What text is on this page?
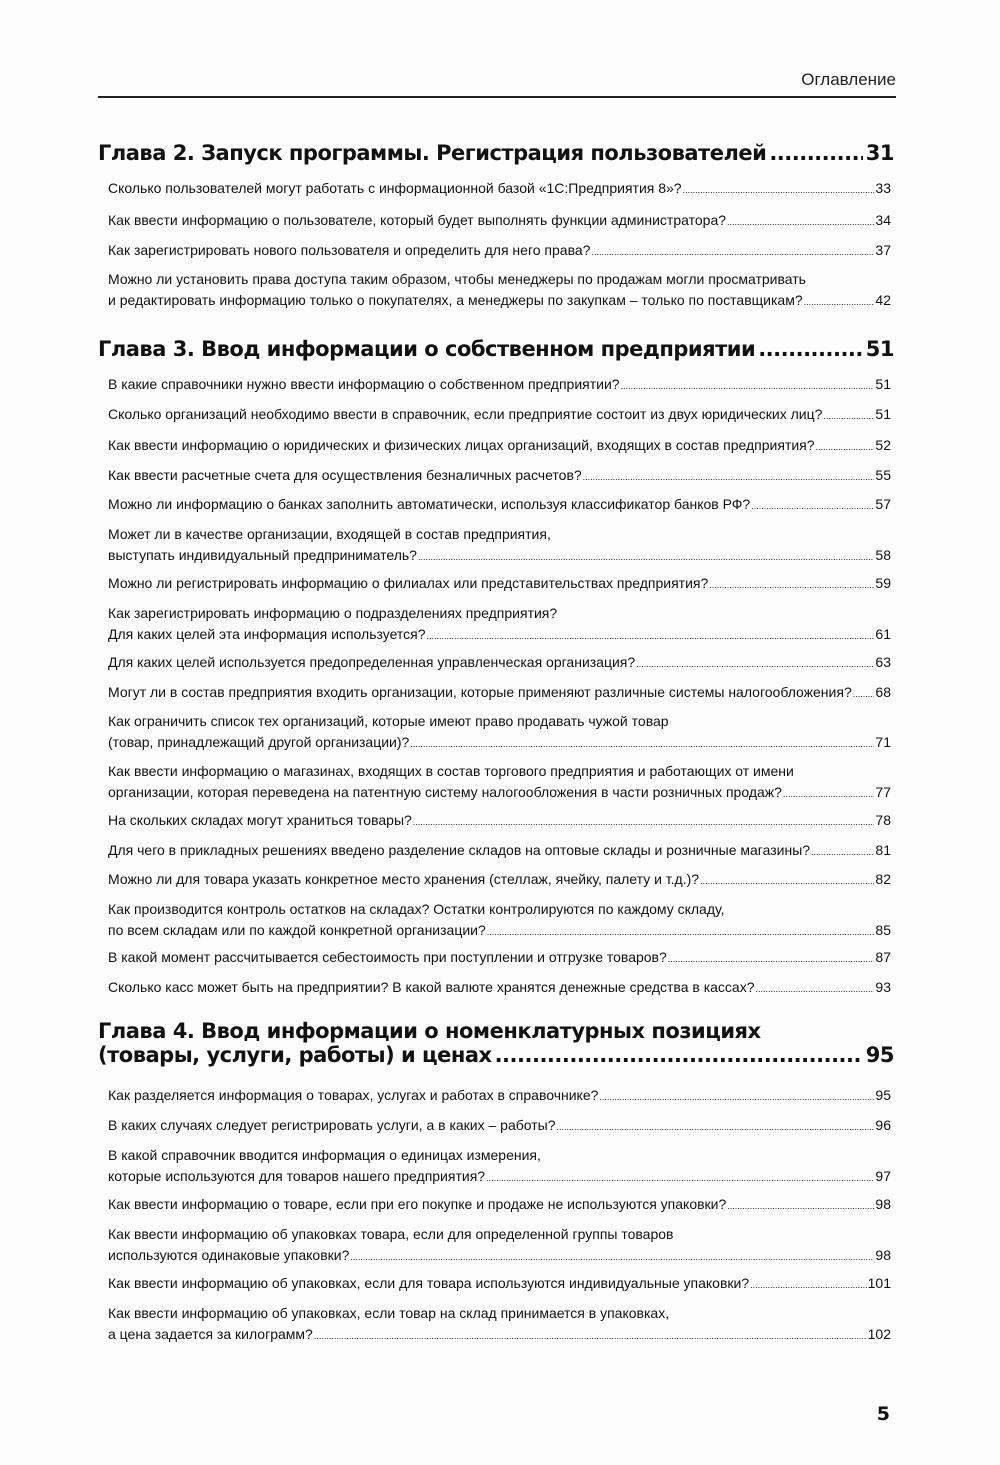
Оглавление
Глава 2. Запуск программы. Регистрация пользователей .....	31
Сколько пользователей могут работать с информационной базой «1С:Предприятия 8»? .....	33
Как ввести информацию о пользователе, который будет выполнять функции администратора? .....	34
Как зарегистрировать нового пользователя и определить для него права? .....	37
Можно ли установить права доступа таким образом, чтобы менеджеры по продажам могли просматривать
и редактировать информацию только о покупателях, а менеджеры по закупкам – только по поставщикам? .....	42
Глава 3. Ввод информации о собственном предприятии .....	51
В какие справочники нужно ввести информацию о собственном предприятии? .....	51
Сколько организаций необходимо ввести в справочник, если предприятие состоит из двух юридических лиц? .....	51
Как ввести информацию о юридических и физических лицах организаций, входящих в состав предприятия? .....	52
Как ввести расчетные счета для осуществления безналичных расчетов? .....	55
Можно ли информацию о банках заполнить автоматически, используя классификатор банков РФ? .....	57
Может ли в качестве организации, входящей в состав предприятия,
выступать индивидуальный предприниматель? .....	58
Можно ли регистрировать информацию о филиалах или представительствах предприятия? .....	59
Как зарегистрировать информацию о подразделениях предприятия?
Для каких целей эта информация используется? .....	61
Для каких целей используется предопределенная управленческая организация? .....	63
Могут ли в состав предприятия входить организации, которые применяют различные системы налогообложения? ..... 68
Как ограничить список тех организаций, которые имеют право продавать чужой товар
(товар, принадлежащий другой организации)? .....	71
Как ввести информацию о магазинах, входящих в состав торгового предприятия и работающих от имени
организации, которая переведена на патентную систему налогообложения в части розничных продаж? .....	77
На скольких складах могут храниться товары? .....	78
Для чего в прикладных решениях введено разделение складов на оптовые склады и розничные магазины? .....	81
Можно ли для товара указать конкретное место хранения (стеллаж, ячейку, палету и т.д.)? .....	82
Как производится контроль остатков на складах? Остатки контролируются по каждому складу,
по всем складам или по каждой конкретной организации? .....	85
В какой момент рассчитывается себестоимость при поступлении и отгрузке товаров? .....	87
Сколько касс может быть на предприятии? В какой валюте хранятся денежные средства в кассах? .....	93
Глава 4. Ввод информации о номенклатурных позициях
(товары, услуги, работы) и ценах .....	95
Как разделяется информация о товарах, услугах и работах в справочнике? .....	95
В каких случаях следует регистрировать услуги, а в каких – работы? .....	96
В какой справочник вводится информация о единицах измерения,
которые используются для товаров нашего предприятия? .....	97
Как ввести информацию о товаре, если при его покупке и продаже не используются упаковки? .....	98
Как ввести информацию об упаковках товара, если для определенной группы товаров
используются одинаковые упаковки? .....	98
Как ввести информацию об упаковках, если для товара используются индивидуальные упаковки? .....	101
Как ввести информацию об упаковках, если товар на склад принимается в упаковках,
а цена задается за килограмм? .....	102
5
